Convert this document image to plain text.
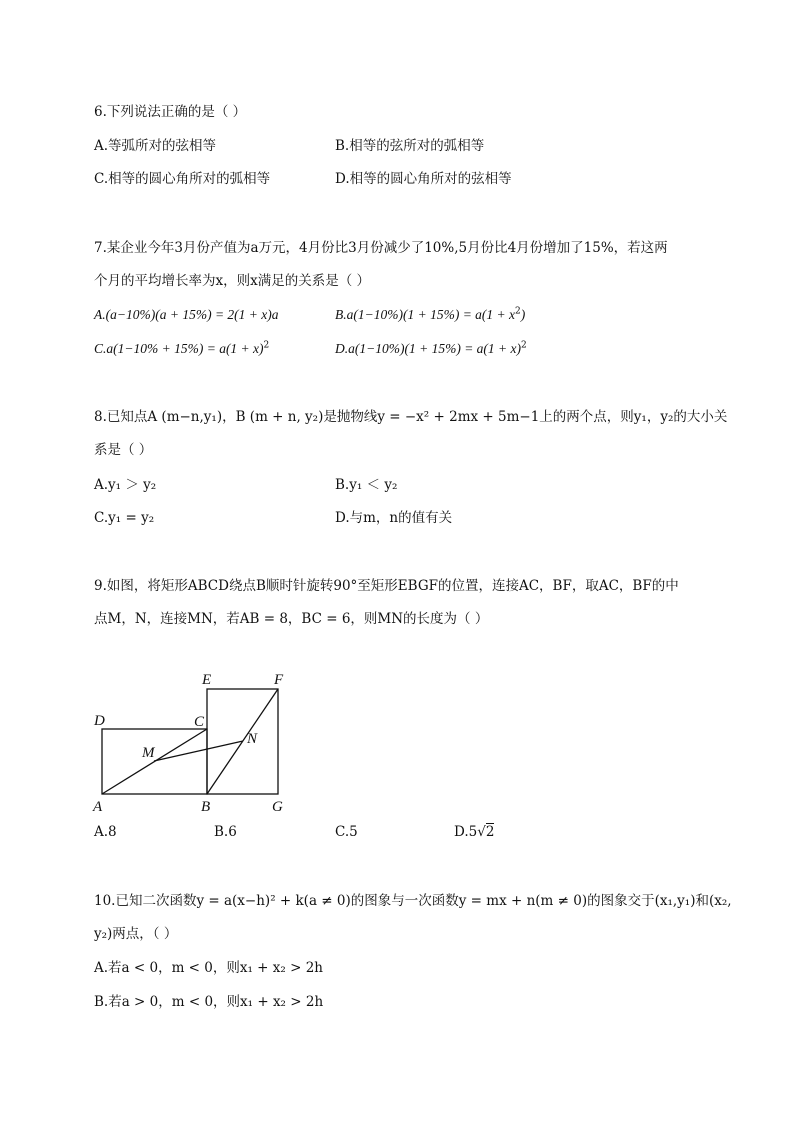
6.下列说法正确的是（ ）
A.等弧所对的弦相等	B.相等的弦所对的弧相等
C.相等的圆心角所对的弧相等	D.相等的圆心角所对的弦相等
7.某企业今年3月份产值为a万元，4月份比3月份减少了10%,5月份比4月份增加了15%，若这两
个月的平均增长率为x，则x满足的关系是（ ）
A.(a−10%)(a + 15%) = 2(1 + x)a	$B.a(1-10\%)(1 + 15\%) = a(1 + x^2)$
$C.a(1-10\% + 15\%) = a(1 + x)^2$	$D.a(1-10\%)(1 + 15\%) = a(1 + x)^2$
8.已知点A (m−n,y₁)，B (m + n, y₂)是抛物线y = −x² + 2mx + 5m−1上的两个点，则y₁，y₂的大小关
系是（ ）
A.y₁ ＞ y₂	B.y₁ ＜ y₂
C.y₁ = y₂	D.与m，n的值有关
9.如图，将矩形ABCD绕点B顺时针旋转90°至矩形EBGF的位置，连接AC，BF，取AC，BF的中
点M，N，连接MN，若AB = 8，BC = 6，则MN的长度为（ ）
A	B
C
D
E	F
G
M
N
A.8	B.6	C.5	D.5√2
10.已知二次函数y = a(x−h)² + k(a ≠ 0)的图象与一次函数y = mx + n(m ≠ 0)的图象交于(x₁,y₁)和(x₂,
y₂)两点，（ ）
A.若a < 0，m < 0，则x₁ + x₂ > 2h
B.若a > 0，m < 0，则x₁ + x₂ > 2h
